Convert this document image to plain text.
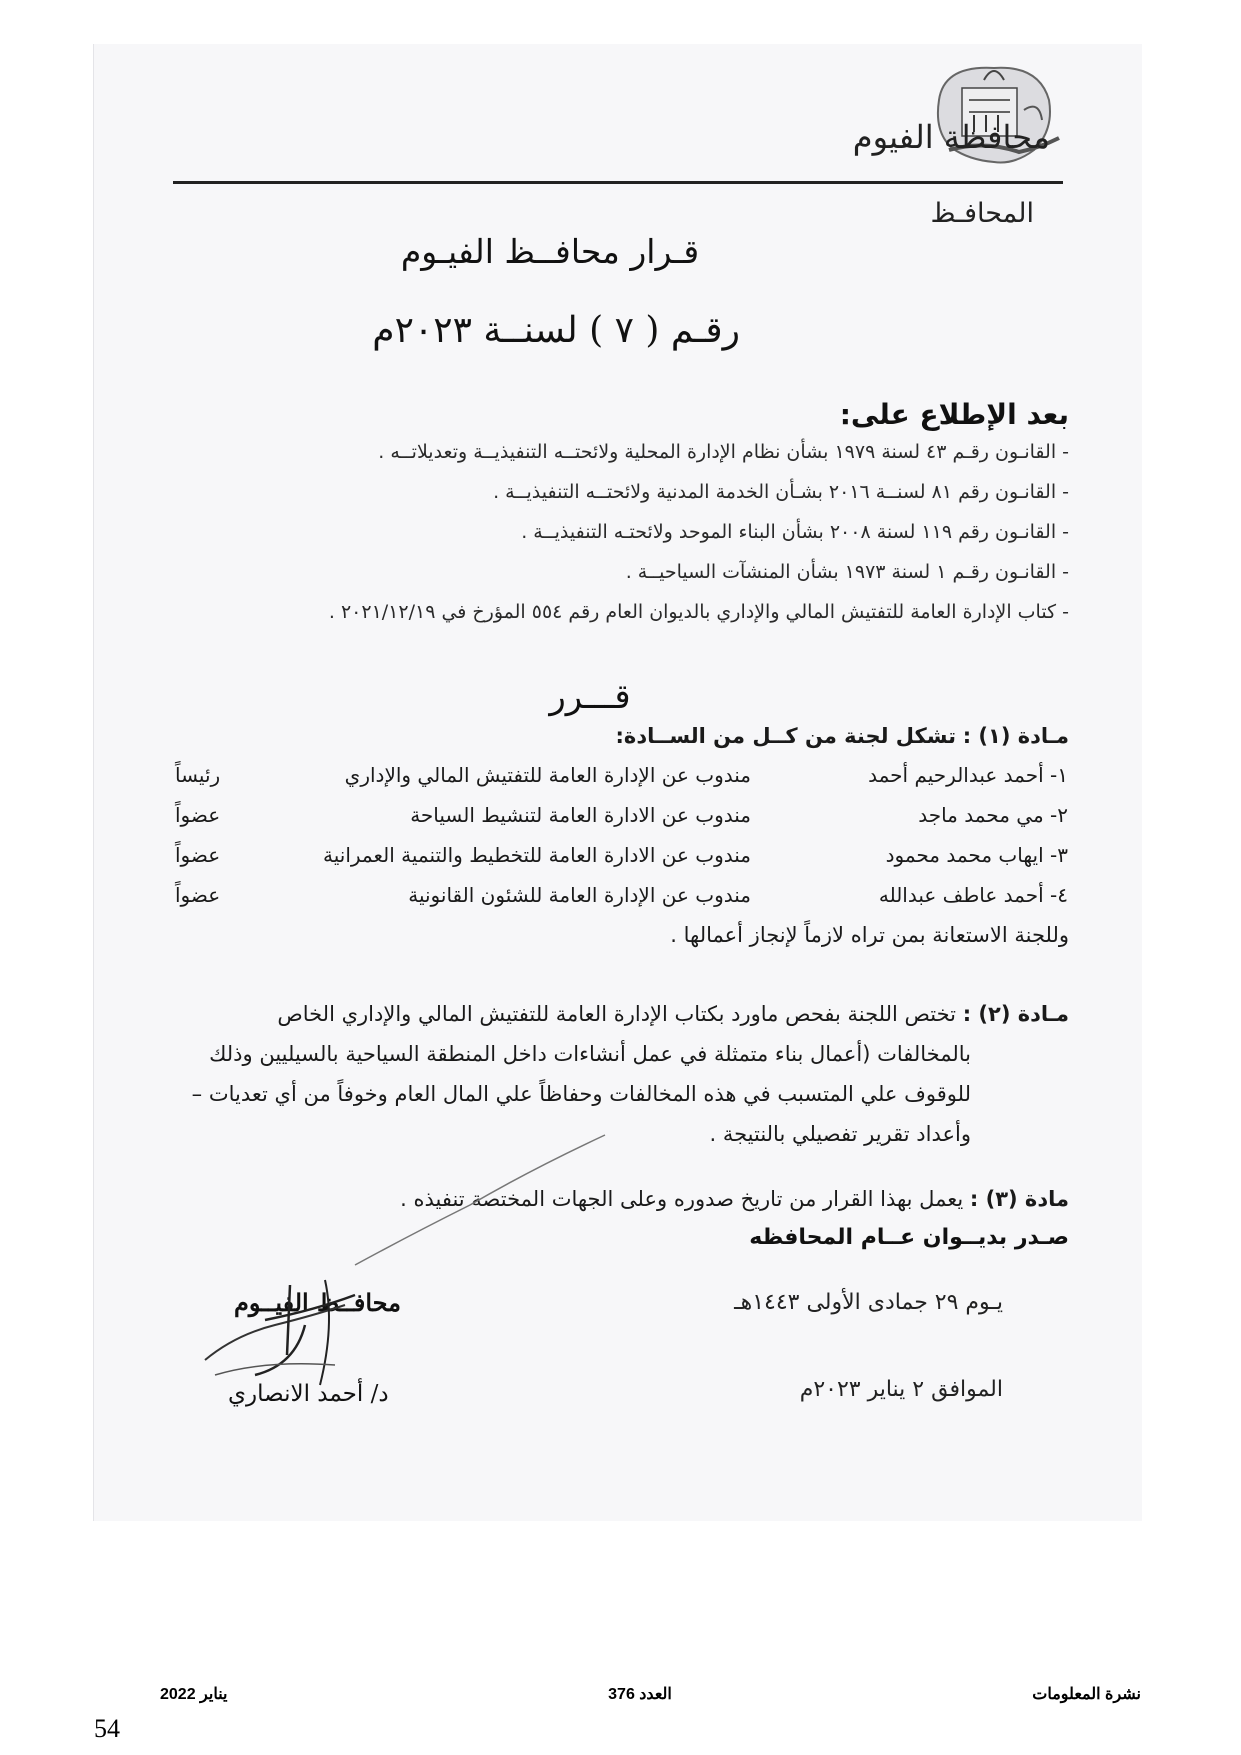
محافظة الفيوم
المحافـظ
قـرار محافــظ الفيـوم
رقـم ( ٧ ) لسنــة ٢٠٢٣م
بعد الإطلاع على:
- القانـون رقـم ٤٣ لسنة ١٩٧٩ بشأن نظام الإدارة المحلية ولائحتــه التنفيذيــة وتعديلاتــه .
- القانـون رقم ٨١ لسنــة ٢٠١٦ بشـأن الخدمة المدنية ولائحتــه التنفيذيــة .
- القانـون رقم ١١٩ لسنة ٢٠٠٨ بشأن البناء الموحد ولائحتـه التنفيذيــة .
- القانـون رقـم ١ لسنة ١٩٧٣ بشأن المنشآت السياحيــة .
- كتاب الإدارة العامة للتفتيش المالي والإداري بالديوان العام رقم ٥٥٤ المؤرخ في ٢٠٢١/١٢/١٩ .
قـــرر
مـادة (١) : تشكل لجنة من كــل من الســادة:
١- أحمد عبدالرحيم أحمد
مندوب عن الإدارة العامة للتفتيش المالي والإداري
رئيساً
٢- مي محمد ماجد
مندوب عن الادارة العامة لتنشيط السياحة
عضواً
٣- ايهاب محمد محمود
مندوب عن الادارة العامة للتخطيط والتنمية العمرانية
عضواً
٤- أحمد عاطف عبدالله
مندوب عن الإدارة العامة للشئون القانونية
عضواً
وللجنة الاستعانة بمن تراه لازماً لإنجاز أعمالها .
مـادة (٢) : تختص اللجنة بفحص ماورد بكتاب الإدارة العامة للتفتيش المالي والإداري الخاص
بالمخالفات (أعمال بناء متمثلة في عمل أنشاءات داخل المنطقة السياحية بالسيليين وذلك
للوقوف علي المتسبب في هذه المخالفات وحفاظاً علي المال العام وخوفاً من أي تعديات –
وأعداد تقرير تفصيلي بالنتيجة .
مادة (٣) : يعمل بهذا القرار من تاريخ صدوره وعلى الجهات المختصة تنفيذه .
صـدر بديــوان عــام المحافظه
يـوم ٢٩ جمادى الأولى ١٤٤٣هـ
الموافق ٢ يناير ٢٠٢٣م
محافــظ الفيــوم
د/ أحمد الانصاري
نشرة المعلومات
العدد 376
يناير 2022
54
